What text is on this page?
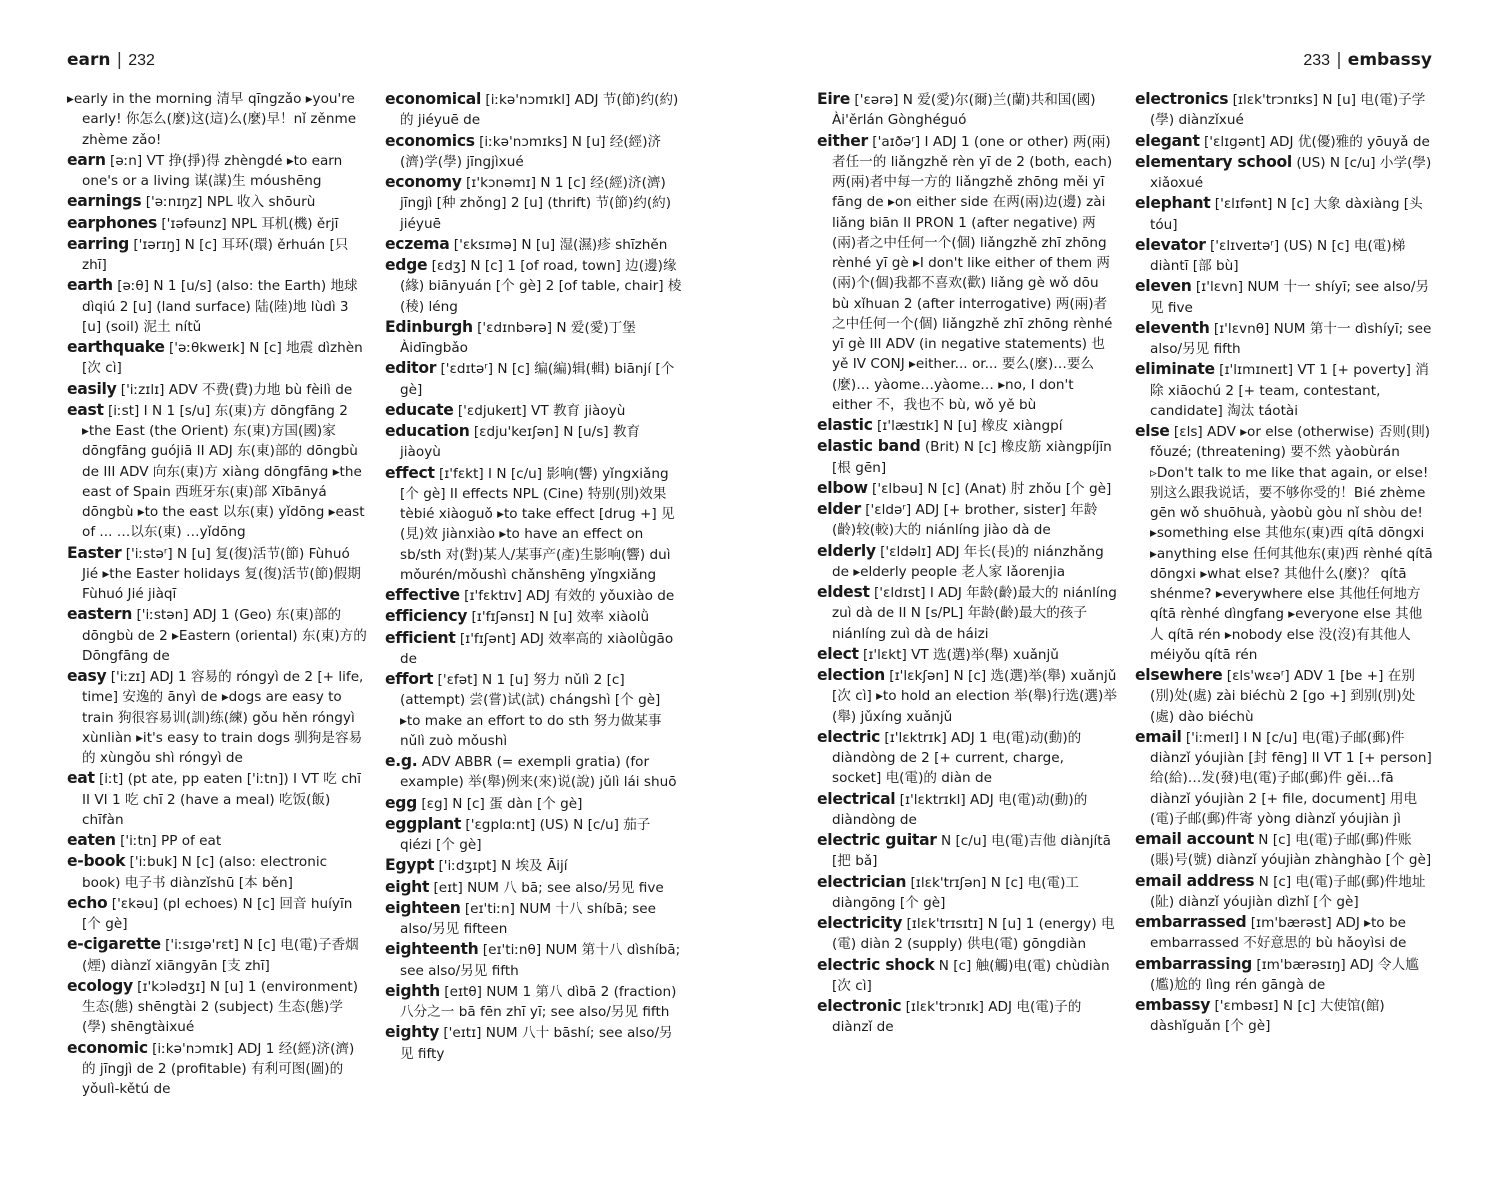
earn | 232	233 | embassy
▸early in the morning 清早 qīngzǎo ▸you're early! 你怎么(麼)这(這)么(麼)早！nǐ zěnme zhème zǎo!
earn [əːn] VT 挣(掙)得 zhèngdé ▸to earn one's or a living 谋(謀)生 móushēng
earnings ['əːnɪŋz] NPL 收入 shōurù
earphones ['ɪəfəunz] NPL 耳机(機) ěrjī
earring ['ɪərɪŋ] N [c] 耳环(環) ěrhuán [只 zhī]
earth [əːθ] N 1 [u/s] (also: the Earth) 地球 dìqiú 2 [u] (land surface) 陆(陸)地 lùdì 3 [u] (soil) 泥土 nítǔ
earthquake ['əːθkweɪk] N [c] 地震 dìzhèn [次 cì]
easily ['iːzɪlɪ] ADV 不费(費)力地 bù fèilì de
east [iːst] I N 1 [s/u] 东(東)方 dōngfāng 2 ▸the East (the Orient) 东(東)方国(國)家 dōngfāng guójiā II ADJ 东(東)部的 dōngbù de III ADV 向东(東)方 xiàng dōngfāng ▸the east of Spain 西班牙东(東)部 Xībānyá dōngbù ▸to the east 以东(東) yǐdōng ▸east of ... …以东(東) …yǐdōng
Easter ['iːstəʳ] N [u] 复(復)活节(節) Fùhuó Jié ▸the Easter holidays 复(復)活节(節)假期 Fùhuó Jié jiàqī
eastern ['iːstən] ADJ 1 (Geo) 东(東)部的 dōngbù de 2 ▸Eastern (oriental) 东(東)方的 Dōngfāng de
easy ['iːzɪ] ADJ 1 容易的 róngyì de 2 [+ life, time] 安逸的 ānyì de ▸dogs are easy to train 狗很容易训(訓)练(練) gǒu hěn róngyì xùnliàn ▸it's easy to train dogs 驯狗是容易的 xùngǒu shì róngyì de
eat [iːt] (pt ate, pp eaten ['iːtn]) I VT 吃 chī II VI 1 吃 chī 2 (have a meal) 吃饭(飯) chīfàn
eaten ['iːtn] PP of eat
e-book ['iːbuk] N [c] (also: electronic book) 电子书 diànzǐshū [本 běn]
echo ['ɛkəu] (pl echoes) N [c] 回音 huíyīn [个 gè]
e-cigarette ['iːsɪgə'rɛt] N [c] 电(電)子香烟(煙) diànzǐ xiāngyān [支 zhī]
ecology [ɪ'kɔlədʒɪ] N [u] 1 (environment) 生态(態) shēngtài 2 (subject) 生态(態)学(學) shēngtàixué
economic [iːkə'nɔmɪk] ADJ 1 经(經)济(濟)的 jīngjì de 2 (profitable) 有利可图(圖)的 yǒulì-kětú de
economical [iːkə'nɔmɪkl] ADJ 节(節)约(約)的 jiéyuē de
economics [iːkə'nɔmɪks] N [u] 经(經)济(濟)学(學) jīngjìxué
economy [ɪ'kɔnəmɪ] N 1 [c] 经(經)济(濟) jīngjì [种 zhǒng] 2 [u] (thrift) 节(節)约(約) jiéyuē
eczema ['ɛksɪmə] N [u] 湿(濕)疹 shīzhěn
edge [ɛdʒ] N [c] 1 [of road, town] 边(邊)缘(緣) biānyuán [个 gè] 2 [of table, chair] 棱(稜) léng
Edinburgh ['ɛdɪnbərə] N 爱(愛)丁堡 Àidīngbǎo
editor ['ɛdɪtəʳ] N [c] 编(編)辑(輯) biānjí [个 gè]
educate ['ɛdjukeɪt] VT 教育 jiàoyù
education [ɛdju'keɪʃən] N [u/s] 教育 jiàoyù
effect [ɪ'fɛkt] I N [c/u] 影响(響) yǐngxiǎng [个 gè] II effects NPL (Cine) 特别(別)效果 tèbié xiàoguǒ ▸to take effect [drug +] 见(見)效 jiànxiào ▸to have an effect on sb/sth 对(對)某人/某事产(產)生影响(響) duì mǒurén/mǒushì chǎnshēng yǐngxiǎng
effective [ɪ'fɛktɪv] ADJ 有效的 yǒuxiào de
efficiency [ɪ'fɪʃənsɪ] N [u] 效率 xiàolǜ
efficient [ɪ'fɪʃənt] ADJ 效率高的 xiàolǜgāo de
effort ['ɛfət] N 1 [u] 努力 nǔlì 2 [c] (attempt) 尝(嘗)试(試) chángshì [个 gè] ▸to make an effort to do sth 努力做某事 nǔlì zuò mǒushì
e.g. ADV ABBR (= exempli gratia) (for example) 举(舉)例来(來)说(說) jǔlì lái shuō
egg [ɛg] N [c] 蛋 dàn [个 gè]
eggplant ['ɛgplɑːnt] (US) N [c/u] 茄子 qiézi [个 gè]
Egypt ['iːdʒɪpt] N 埃及 Āijí
eight [eɪt] NUM 八 bā; see also/另见 five
eighteen [eɪ'tiːn] NUM 十八 shíbā; see also/另见 fifteen
eighteenth [eɪ'tiːnθ] NUM 第十八 dìshíbā; see also/另见 fifth
eighth [eɪtθ] NUM 1 第八 dìbā 2 (fraction) 八分之一 bā fēn zhī yī; see also/另见 fifth
eighty ['eɪtɪ] NUM 八十 bāshí; see also/另见 fifty
Eire ['ɛərə] N 爱(愛)尔(爾)兰(蘭)共和国(國) Ài'ěrlán Gònghéguó
either ['aɪðəʳ] I ADJ 1 (one or other) 两(兩)者任一的 liǎngzhě rèn yī de 2 (both, each) 两(兩)者中每一方的 liǎngzhě zhōng měi yī fāng de ▸on either side 在两(兩)边(邊) zài liǎng biān II PRON 1 (after negative) 两(兩)者之中任何一个(個) liǎngzhě zhī zhōng rènhé yī gè ▸I don't like either of them 两(兩)个(個)我都不喜欢(歡) liǎng gè wǒ dōu bù xǐhuan 2 (after interrogative) 两(兩)者之中任何一个(個) liǎngzhě zhī zhōng rènhé yī gè III ADV (in negative statements) 也 yě IV CONJ ▸either... or... 要么(麼)…要么(麼)… yàome…yàome… ▸no, I don't either 不，我也不 bù, wǒ yě bù
elastic [ɪ'læstɪk] N [u] 橡皮 xiàngpí
elastic band (Brit) N [c] 橡皮筋 xiàngpíjīn [根 gēn]
elbow ['ɛlbəu] N [c] (Anat) 肘 zhǒu [个 gè]
elder ['ɛldəʳ] ADJ [+ brother, sister] 年龄(齡)较(較)大的 niánlíng jiào dà de
elderly ['ɛldəlɪ] ADJ 年长(長)的 niánzhǎng de ▸elderly people 老人家 lǎorenjia
eldest ['ɛldɪst] I ADJ 年龄(齡)最大的 niánlíng zuì dà de II N [s/PL] 年龄(齡)最大的孩子 niánlíng zuì dà de háizi
elect [ɪ'lɛkt] VT 选(選)举(舉) xuǎnjǔ
election [ɪ'lɛkʃən] N [c] 选(選)举(舉) xuǎnjǔ [次 cì] ▸to hold an election 举(舉)行选(選)举(舉) jǔxíng xuǎnjǔ
electric [ɪ'lɛktrɪk] ADJ 1 电(電)动(動)的 diàndòng de 2 [+ current, charge, socket] 电(電)的 diàn de
electrical [ɪ'lɛktrɪkl] ADJ 电(電)动(動)的 diàndòng de
electric guitar N [c/u] 电(電)吉他 diànjítā [把 bǎ]
electrician [ɪlɛk'trɪʃən] N [c] 电(電)工 diàngōng [个 gè]
electricity [ɪlɛk'trɪsɪtɪ] N [u] 1 (energy) 电(電) diàn 2 (supply) 供电(電) gōngdiàn
electric shock N [c] 触(觸)电(電) chùdiàn [次 cì]
electronic [ɪlɛk'trɔnɪk] ADJ 电(電)子的 diànzǐ de
electronics [ɪlɛk'trɔnɪks] N [u] 电(電)子学(學) diànzǐxué
elegant ['ɛlɪgənt] ADJ 优(優)雅的 yōuyǎ de
elementary school (US) N [c/u] 小学(學) xiǎoxué
elephant ['ɛlɪfənt] N [c] 大象 dàxiàng [头 tóu]
elevator ['ɛlɪveɪtəʳ] (US) N [c] 电(電)梯 diàntī [部 bù]
eleven [ɪ'lɛvn] NUM 十一 shíyī; see also/另见 five
eleventh [ɪ'lɛvnθ] NUM 第十一 dìshíyī; see also/另见 fifth
eliminate [ɪ'lɪmɪneɪt] VT 1 [+ poverty] 消除 xiāochú 2 [+ team, contestant, candidate] 淘汰 táotài
else [ɛls] ADV ▸or else (otherwise) 否则(則) fǒuzé; (threatening) 要不然 yàobùrán ▹Don't talk to me like that again, or else! 别这么跟我说话，要不够你受的！Bié zhème gēn wǒ shuōhuà, yàobù gòu nǐ shòu de! ▸something else 其他东(東)西 qítā dōngxi ▸anything else 任何其他东(東)西 rènhé qítā dōngxi ▸what else? 其他什么(麼)？ qítā shénme? ▸everywhere else 其他任何地方 qítā rènhé dìngfang ▸everyone else 其他人 qítā rén ▸nobody else 没(沒)有其他人 méiyǒu qítā rén
elsewhere [ɛls'wɛəʳ] ADV 1 [be +] 在别(別)处(處) zài biéchù 2 [go +] 到别(別)处(處) dào biéchù
email ['iːmeɪl] I N [c/u] 电(電)子邮(郵)件 diànzǐ yóujiàn [封 fēng] II VT 1 [+ person] 给(給)…发(發)电(電)子邮(郵)件 gěi…fā diànzǐ yóujiàn 2 [+ file, document] 用电(電)子邮(郵)件寄 yòng diànzǐ yóujiàn jì
email account N [c] 电(電)子邮(郵)件账(賬)号(號) diànzǐ yóujiàn zhànghào [个 gè]
email address N [c] 电(電)子邮(郵)件地址(阯) diànzǐ yóujiàn dìzhǐ [个 gè]
embarrassed [ɪm'bærəst] ADJ ▸to be embarrassed 不好意思的 bù hǎoyìsi de
embarrassing [ɪm'bærəsɪŋ] ADJ 令人尴(尷)尬的 lìng rén gāngà de
embassy ['ɛmbəsɪ] N [c] 大使馆(館) dàshǐguǎn [个 gè]
